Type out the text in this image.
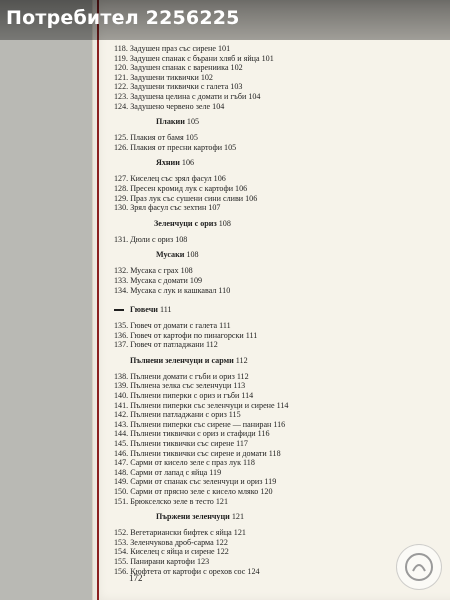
Потребител 2256225
118. Задушен праз със сирене 101
119. Задушен спанак с бърани хляб и яйца 101
120. Задушен спанак с варениика 102
121. Задушени тиквички 102
122. Задушени тиквички с галета 103
123. Задушена целина с домати и гъби 104
124. Задушено червено зеле 104
Плакии 105
125. Плакия от бамя 105
126. Плакия от пресни картофи 105
Яхнии 106
127. Киселец със зрял фасул 106
128. Пресен кромид лук с картофи 106
129. Праз лук със сушени сини сливи 106
130. Зрял фасул със зехтин 107
Зеленчуци с ориз 108
131. Дюли с ориз 108
Мусаки 108
132. Мусака с грах 108
133. Мусака с домати 109
134. Мусака с лук и кашкавал 110
Гювечи 111
135. Гювеч от домати с галета 111
136. Гювеч от картофи по пинагорски 111
137. Гювеч от патладжани 112
Пълнени зеленчуци и сарми 112
138. Пълнени домати с гъби и ориз 112
139. Пълнена зелка със зеленчуци 113
140. Пълнени пиперки с ориз и гъби 114
141. Пълнени пиперки със зеленчуци и сирене 114
142. Пълнени патладжани с ориз 115
143. Пълнени пиперки със сирене — паниран 116
144. Пълнени тиквички с ориз и стафиди 116
145. Пълнени тиквички със сирене 117
146. Пълнени тиквички със сирене и домати 118
147. Сарми от кисело зеле с праз лук 118
148. Сарми от лапад с яйца 119
149. Сарми от спанак със зеленчуци и ориз 119
150. Сарми от прясно зеле с кисело мляко 120
151. Брюкселско зеле в тесто 121
Пържени зеленчуци 121
152. Вегетариански бифтек с яйца 121
153. Зеленчукова дроб-сарма 122
154. Киселец с яйца и сирене 122
155. Панирани картофи 123
156. Кюфтета от картофи с орехов сос 124
172
